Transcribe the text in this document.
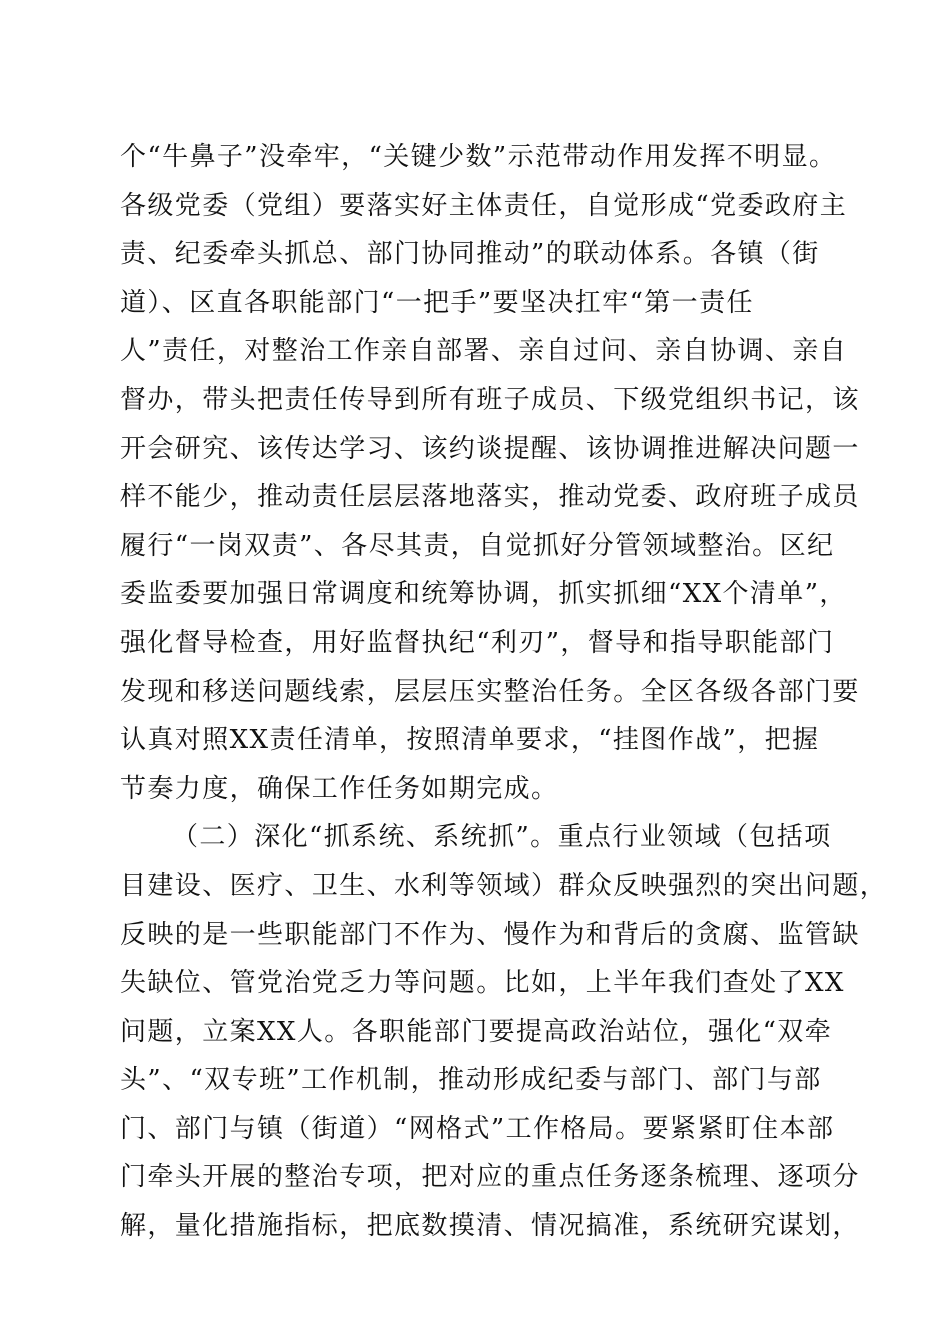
个“牛鼻子”没牵牢，“关键少数”示范带动作用发挥不明显。
各级党委（党组）要落实好主体责任，自觉形成“党委政府主
责、纪委牵头抓总、部门协同推动”的联动体系。各镇（街
道）、区直各职能部门“一把手”要坚决扛牢“第一责任
人”责任，对整治工作亲自部署、亲自过问、亲自协调、亲自
督办，带头把责任传导到所有班子成员、下级党组织书记，该
开会研究、该传达学习、该约谈提醒、该协调推进解决问题一
样不能少，推动责任层层落地落实，推动党委、政府班子成员
履行“一岗双责”、各尽其责，自觉抓好分管领域整治。区纪
委监委要加强日常调度和统筹协调，抓实抓细“XX个清单”，
强化督导检查，用好监督执纪“利刃”，督导和指导职能部门
发现和移送问题线索，层层压实整治任务。全区各级各部门要
认真对照XX责任清单，按照清单要求，“挂图作战”，把握
节奏力度，确保工作任务如期完成。
（二）深化“抓系统、系统抓”。重点行业领域（包括项
目建设、医疗、卫生、水利等领域）群众反映强烈的突出问题，
反映的是一些职能部门不作为、慢作为和背后的贪腐、监管缺
失缺位、管党治党乏力等问题。比如，上半年我们查处了XX
问题，立案XX人。各职能部门要提高政治站位，强化“双牵
头”、“双专班”工作机制，推动形成纪委与部门、部门与部
门、部门与镇（街道）“网格式”工作格局。要紧紧盯住本部
门牵头开展的整治专项，把对应的重点任务逐条梳理、逐项分
解，量化措施指标，把底数摸清、情况搞准，系统研究谋划，
